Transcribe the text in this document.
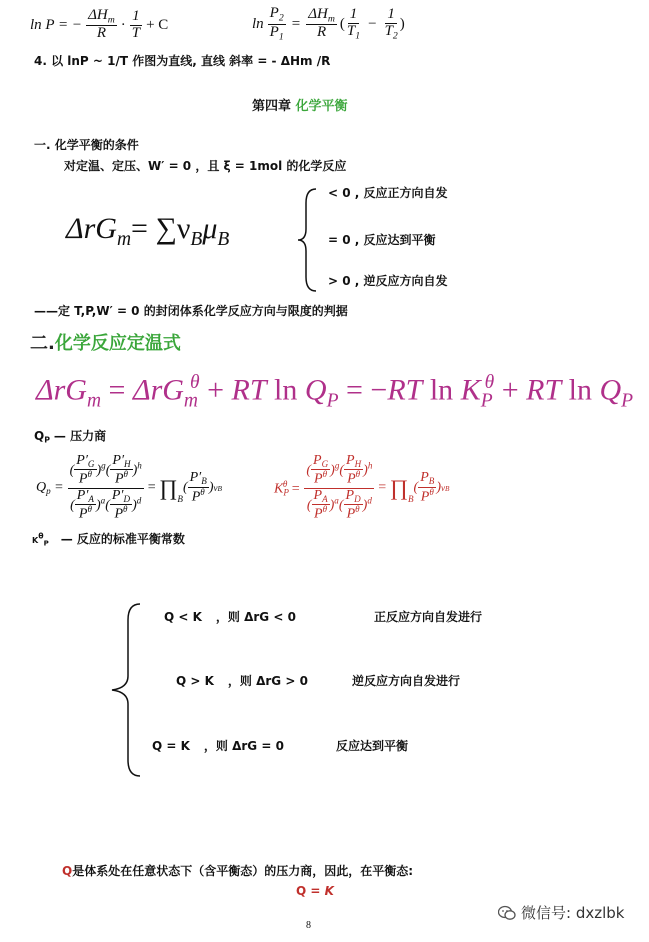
ln P = − $\frac{\Delta H_m}{R} \cdot \frac{1}{T} + C$	$\ln \frac{P_2}{P_1} = \frac{\Delta H_m}{R}$ ( $\frac{1}{T_1} - \frac{1}{T_2}$ )
4. 以 lnP ~ 1/T 作图为直线, 直线 斜率 = - ΔHm /R
第四章 化学平衡
一. 化学平衡的条件
对定温、定压、W′ = 0 ，且 ξ = 1mol 的化学反应
$\Delta rG_m= \sum\nu_B\mu_B$
< 0 , 反应正方向自发
= 0 , 反应达到平衡
> 0 , 逆反应方向自发
——定 T,P,W′ = 0 的封闭体系化学反应方向与限度的判据
二.化学反应定温式
ΔrG$_m$ = ΔrG$_m^\theta$ + RT $\ln Q_P = -RT$ $\ln K_P^\theta$ + RT $\ln Q_P$
$Q_P$ — 压力商
$Q_p = \frac{( \frac{P'_G}{P^\theta} )^g( \frac{P'_H}{P^\theta} )^h}{( \frac{P'_A}{P^\theta} )^a( \frac{P'_D}{P^\theta} )^d}$ = ∏ B
( $\frac{P'_B}{P^\theta}$ ) νB	$K_P^\theta = \frac{( \frac{P_G}{P^\theta} )^g( \frac{P_H}{P^\theta} )^h}{( \frac{P_A}{P^\theta} )^a( \frac{P_D}{P^\theta} )^d}$ = ∏ B
( $\frac{P_B}{P^\theta}$ ) νB
$K^\theta_P$ — 反应的标准平衡常数
Q < K ，则 ΔrG < 0	正反应方向自发进行
Q > K ，则 ΔrG > 0	逆反应方向自发进行
Q = K ，则 ΔrG = 0	反应达到平衡
Q是体系处在任意状态下（含平衡态）的压力商，因此，在平衡态:
Q = K
8
微信号: dxzlbk
